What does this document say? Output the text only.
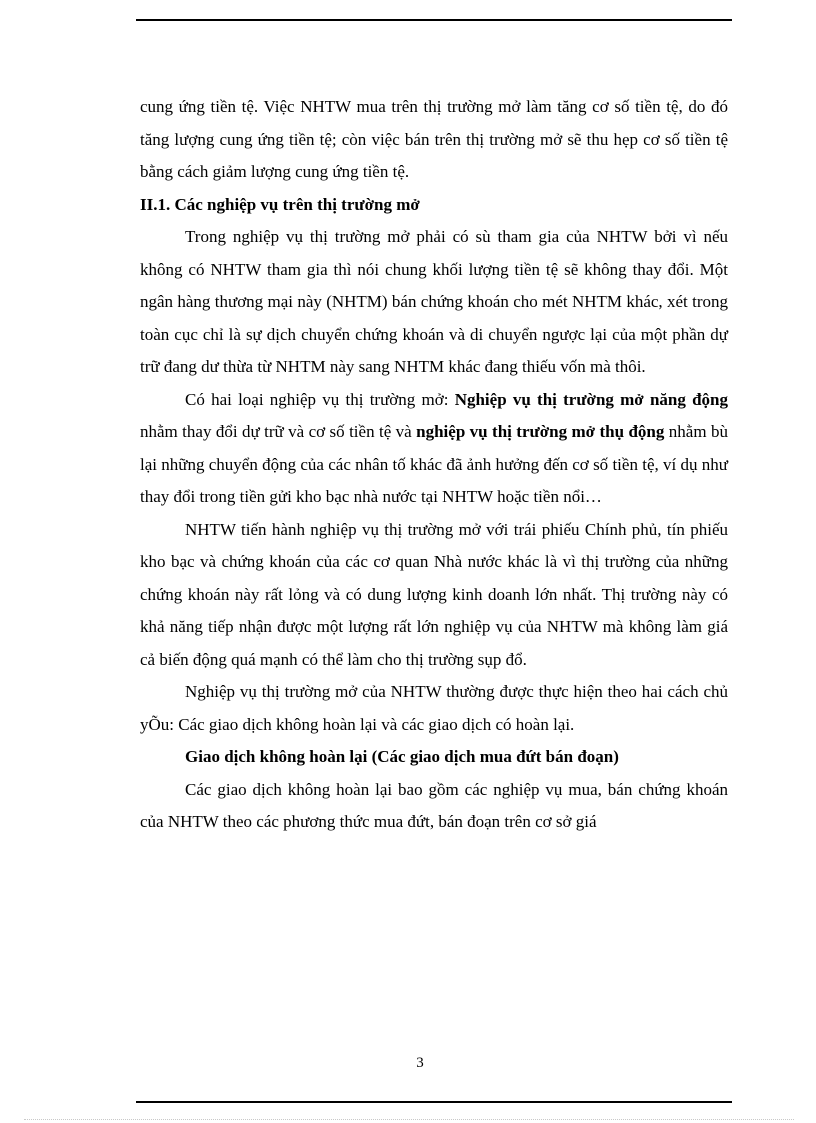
cung ứng tiền tệ. Việc NHTW mua trên thị trường mở làm tăng cơ số tiền tệ, do đó tăng lượng cung ứng tiền tệ; còn việc bán trên thị trường mở sẽ thu hẹp cơ số tiền tệ bằng cách giảm lượng cung ứng tiền tệ.

II.1. Các nghiệp vụ trên thị trường mở

Trong nghiệp vụ thị trường mở phải có sù tham gia của NHTW bởi vì nếu không có NHTW tham gia thì nói chung khối lượng tiền tệ sẽ không thay đổi. Một ngân hàng thương mại này (NHTM) bán chứng khoán cho mét NHTM khác, xét trong toàn cục chỉ là sự dịch chuyển chứng khoán và di chuyển ngược lại của một phần dự trữ đang dư thừa từ NHTM này sang NHTM khác đang thiếu vốn mà thôi.

Có hai loại nghiệp vụ thị trường mở: Nghiệp vụ thị trường mở năng động nhằm thay đổi dự trữ và cơ số tiền tệ và nghiệp vụ thị trường mở thụ động nhằm bù lại những chuyển động của các nhân tố khác đã ảnh hưởng đến cơ số tiền tệ, ví dụ như thay đổi trong tiền gửi kho bạc nhà nước tại NHTW hoặc tiền nổi…

NHTW tiến hành nghiệp vụ thị trường mở với trái phiếu Chính phủ, tín phiếu kho bạc và chứng khoán của các cơ quan Nhà nước khác là vì thị trường của những chứng khoán này rất lỏng và có dung lượng kinh doanh lớn nhất. Thị trường này có khả năng tiếp nhận được một lượng rất lớn nghiệp vụ của NHTW mà không làm giá cả biến động quá mạnh có thể làm cho thị trường sụp đổ.

Nghiệp vụ thị trường mở của NHTW thường được thực hiện theo hai cách chủ yÕu: Các giao dịch không hoàn lại và các giao dịch có hoàn lại.

Giao dịch không hoàn lại (Các giao dịch mua đứt bán đoạn)

Các giao dịch không hoàn lại bao gồm các nghiệp vụ mua, bán chứng khoán của NHTW theo các phương thức mua đứt, bán đoạn trên cơ sở giá

3
